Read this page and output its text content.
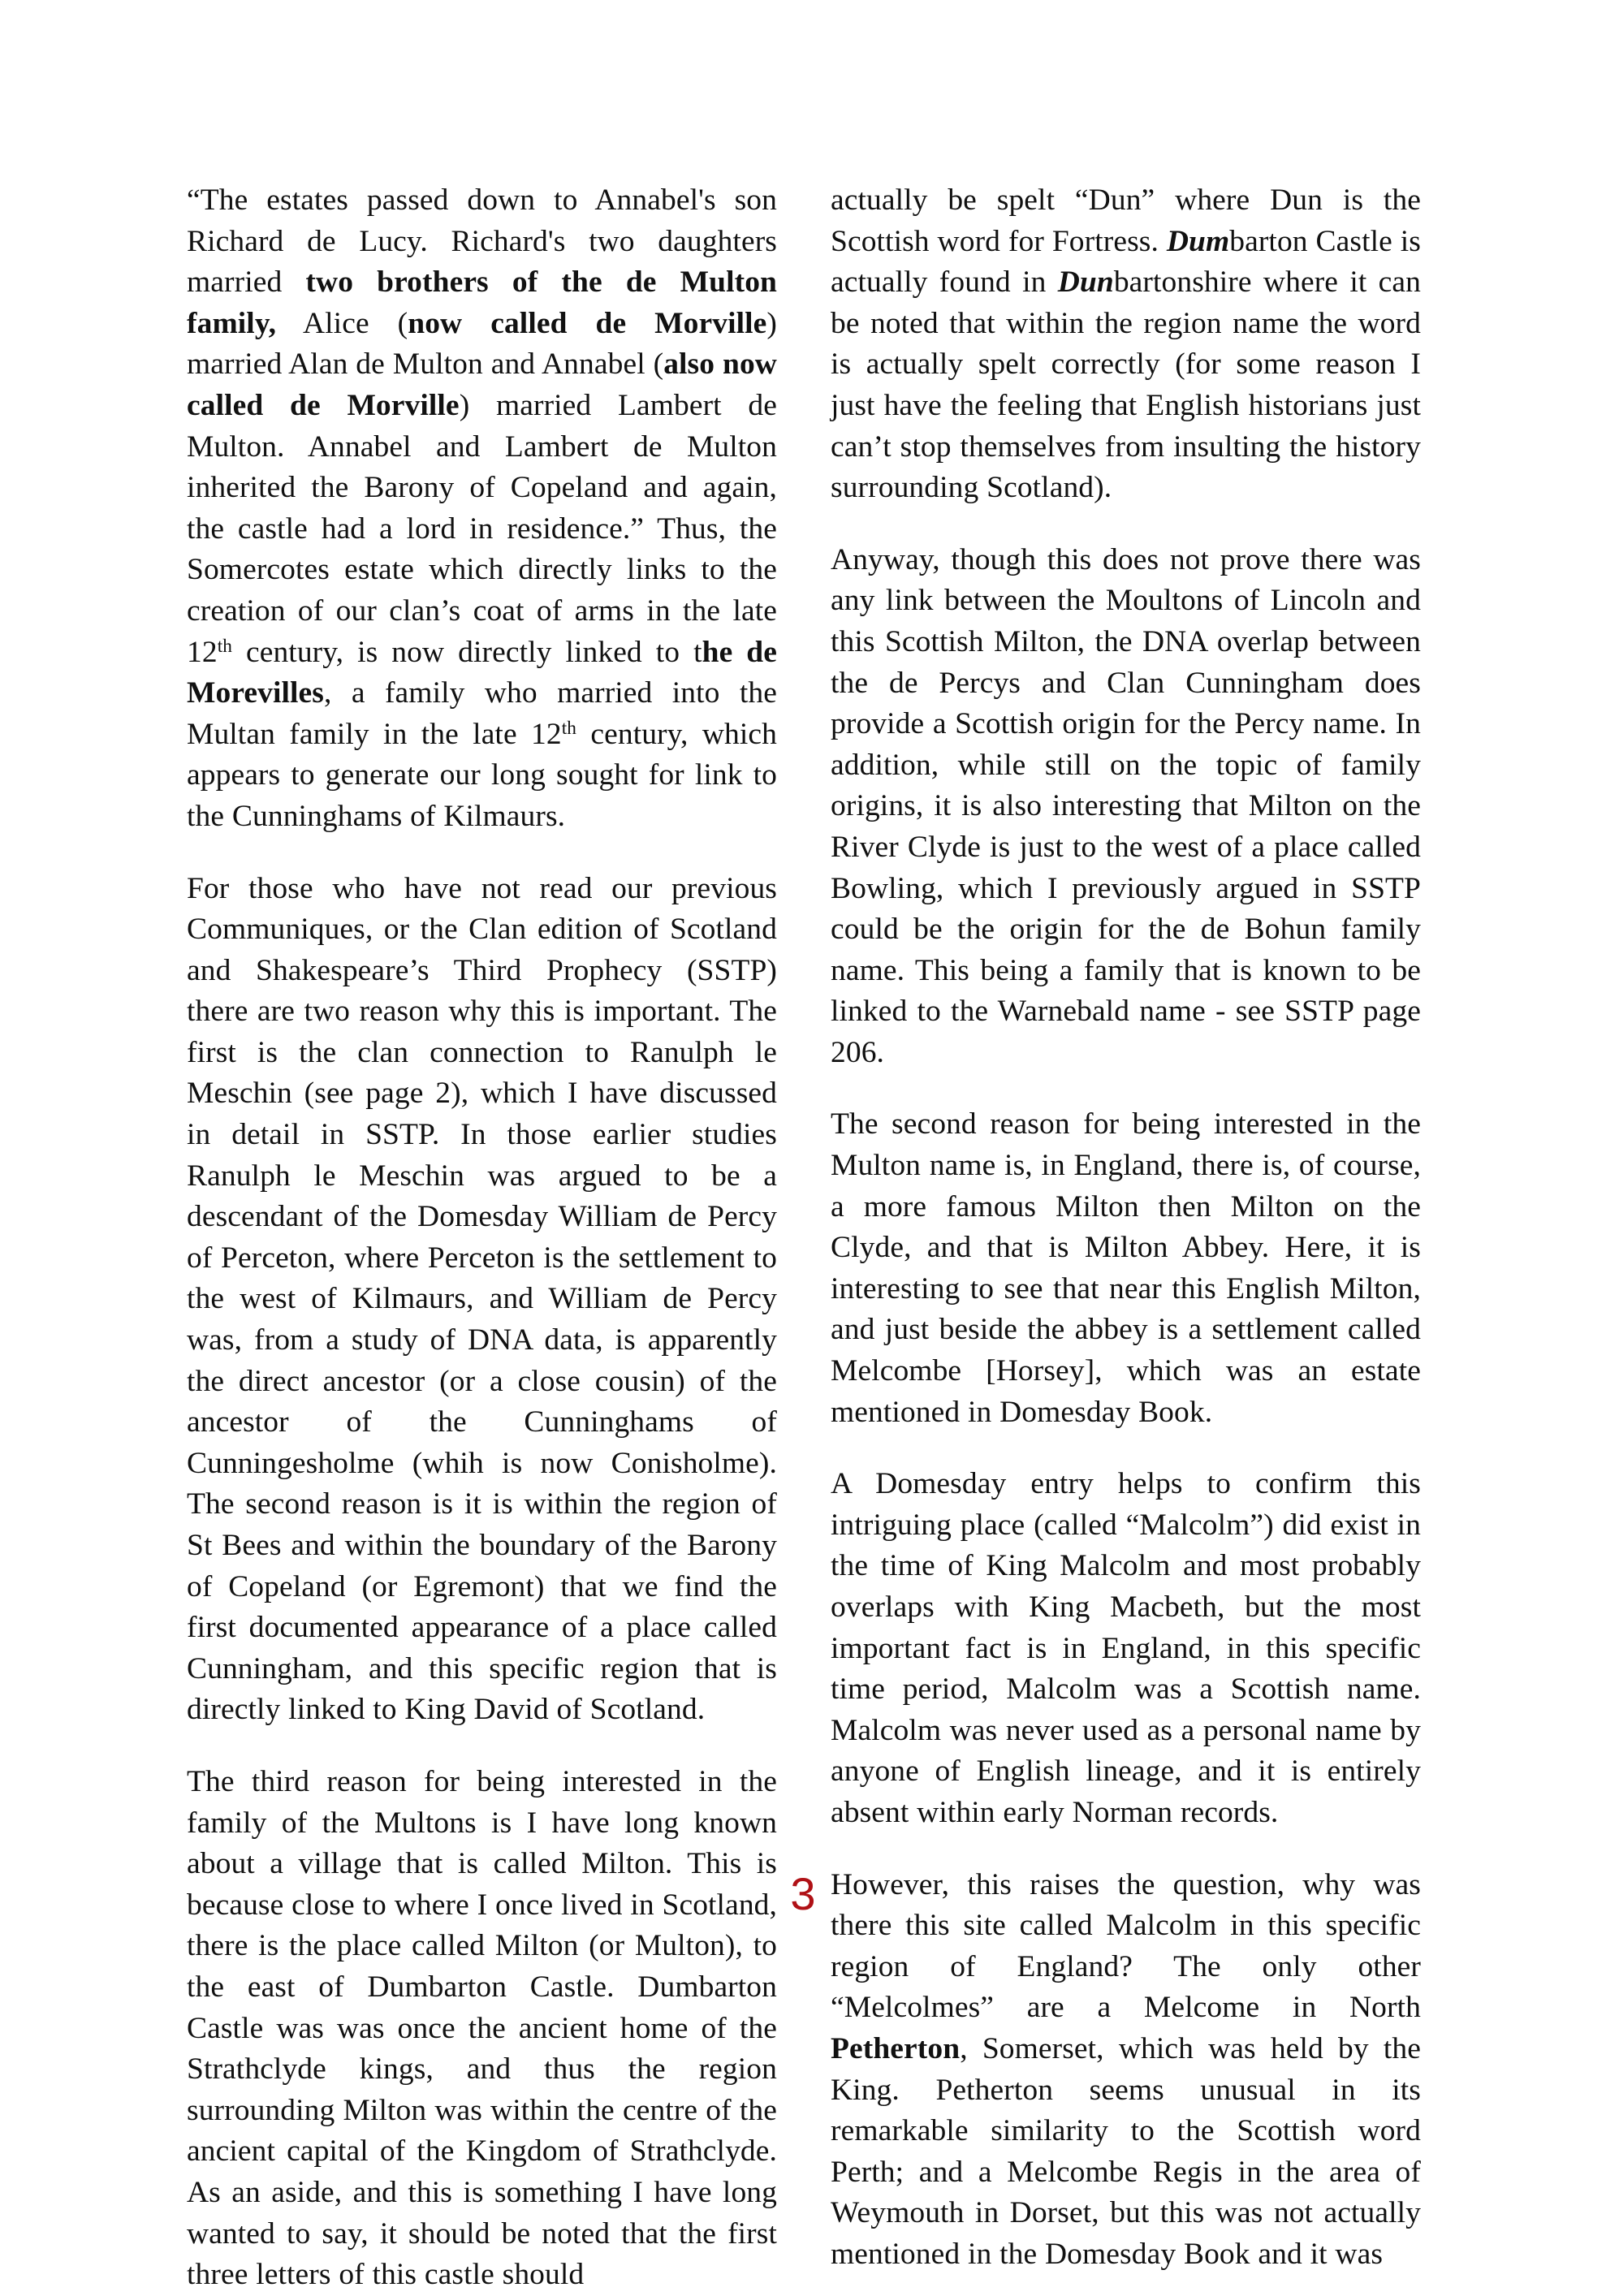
“The estates passed down to Annabel's son Richard de Lucy. Richard's two daughters married two brothers of the de Multon family, Alice (now called de Morville) married Alan de Multon and Annabel (also now called de Morville) married Lambert de Multon. Annabel and Lambert de Multon inherited the Barony of Copeland and again, the castle had a lord in residence.” Thus, the Somercotes estate which directly links to the creation of our clan’s coat of arms in the late 12th century, is now directly linked to the de Morevilles, a family who married into the Multan family in the late 12th century, which appears to generate our long sought for link to the Cunninghams of Kilmaurs.

For those who have not read our previous Communiques, or the Clan edition of Scotland and Shakespeare’s Third Prophecy (SSTP) there are two reason why this is important. The first is the clan connection to Ranulph le Meschin (see page 2), which I have discussed in detail in SSTP. In those earlier studies Ranulph le Meschin was argued to be a descendant of the Domesday William de Percy of Perceton, where Perceton is the settlement to the west of Kilmaurs, and William de Percy was, from a study of DNA data, is apparently the direct ancestor (or a close cousin) of the ancestor of the Cunninghams of Cunningesholme (whih is now Conisholme). The second reason is it is within the region of St Bees and within the boundary of the Barony of Copeland (or Egremont) that we find the first documented appearance of a place called Cunningham, and this specific region that is directly linked to King David of Scotland.

The third reason for being interested in the family of the Multons is I have long known about a village that is called Milton. This is because close to where I once lived in Scotland, there is the place called Milton (or Multon), to the east of Dumbarton Castle. Dumbarton Castle was was once the ancient home of the Strathclyde kings, and thus the region surrounding Milton was within the centre of the ancient capital of the Kingdom of Strathclyde. As an aside, and this is something I have long wanted to say, it should be noted that the first three letters of this castle should

actually be spelt “Dun” where Dun is the Scottish word for Fortress. Dumbarton Castle is actually found in Dunbartonshire where it can be noted that within the region name the word is actually spelt correctly (for some reason I just have the feeling that English historians just can’t stop themselves from insulting the history surrounding Scotland).

Anyway, though this does not prove there was any link between the Moultons of Lincoln and this Scottish Milton, the DNA overlap between the de Percys and Clan Cunningham does provide a Scottish origin for the Percy name. In addition, while still on the topic of family origins, it is also interesting that Milton on the River Clyde is just to the west of a place called Bowling, which I previously argued in SSTP could be the origin for the de Bohun family name. This being a family that is known to be linked to the Warnebald name - see SSTP page 206.

The second reason for being interested in the Multon name is, in England, there is, of course, a more famous Milton then Milton on the Clyde, and that is Milton Abbey. Here, it is interesting to see that near this English Milton, and just beside the abbey is a settlement called Melcombe [Horsey], which was an estate mentioned in Domesday Book.

A Domesday entry helps to confirm this intriguing place (called “Malcolm”) did exist in the time of King Malcolm and most probably overlaps with King Macbeth, but the most important fact is in England, in this specific time period, Malcolm was a Scottish name. Malcolm was never used as a personal name by anyone of English lineage, and it is entirely absent within early Norman records.

However, this raises the question, why was there this site called Malcolm in this specific region of England? The only other “Melcolmes” are a Melcome in North Petherton, Somerset, which was held by the King. Petherton seems unusual in its remarkable similarity to the Scottish word Perth; and a Melcombe Regis in the area of Weymouth in Dorset, but this was not actually mentioned in the Domesday Book and it was

3
